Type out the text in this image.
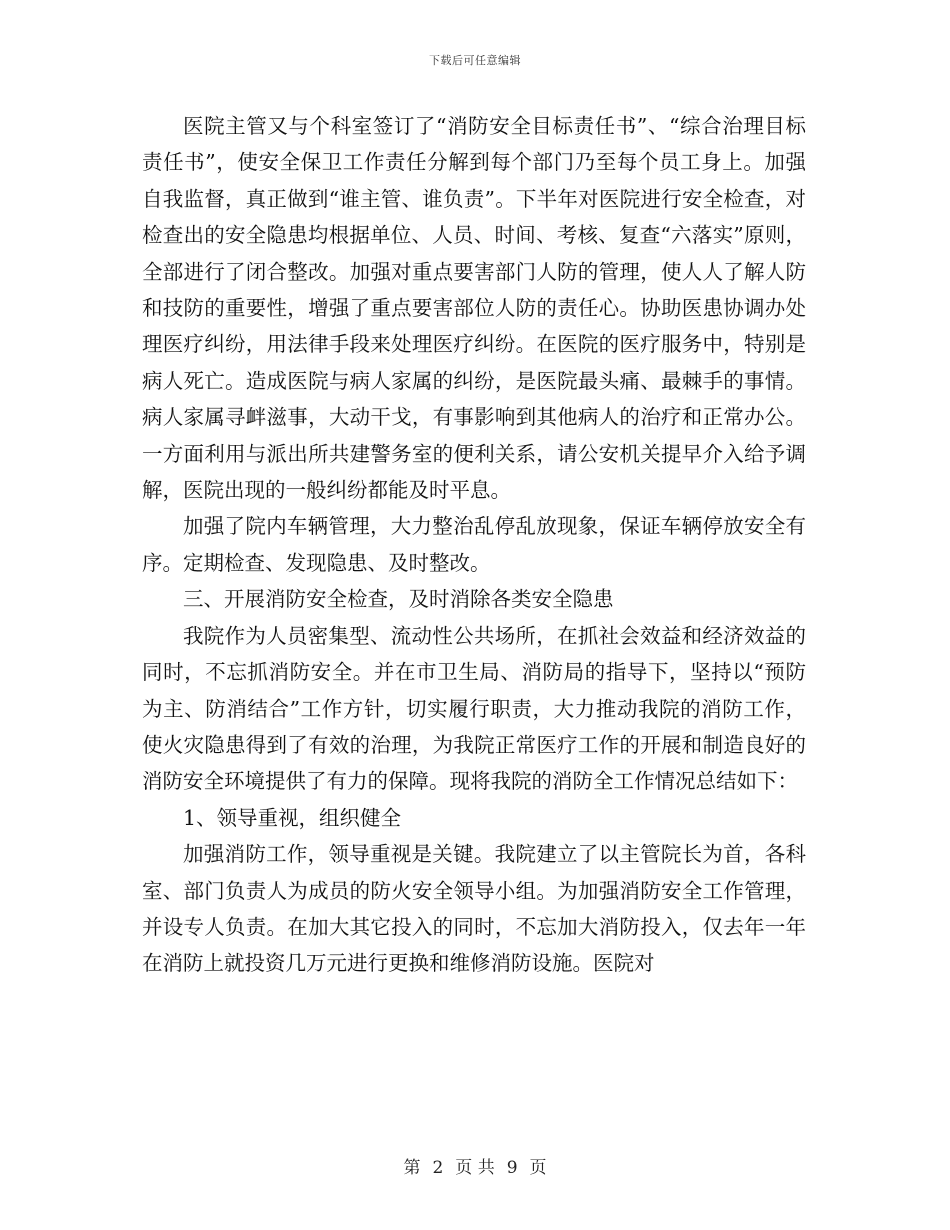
下载后可任意编辑

医院主管又与个科室签订了“消防安全目标责任书”、“综合治理目标责任书”，使安全保卫工作责任分解到每个部门乃至每个员工身上。加强自我监督，真正做到“谁主管、谁负责”。下半年对医院进行安全检查，对检查出的安全隐患均根据单位、人员、时间、考核、复查“六落实”原则，全部进行了闭合整改。加强对重点要害部门人防的管理，使人人了解人防和技防的重要性，增强了重点要害部位人防的责任心。协助医患协调办处理医疗纠纷，用法律手段来处理医疗纠纷。在医院的医疗服务中，特别是病人死亡。造成医院与病人家属的纠纷，是医院最头痛、最棘手的事情。病人家属寻衅滋事，大动干戈，有事影响到其他病人的治疗和正常办公。一方面利用与派出所共建警务室的便利关系，请公安机关提早介入给予调解，医院出现的一般纠纷都能及时平息。

加强了院内车辆管理，大力整治乱停乱放现象，保证车辆停放安全有序。定期检查、发现隐患、及时整改。

三、开展消防安全检查，及时消除各类安全隐患

我院作为人员密集型、流动性公共场所，在抓社会效益和经济效益的同时，不忘抓消防安全。并在市卫生局、消防局的指导下，坚持以“预防为主、防消结合”工作方针，切实履行职责，大力推动我院的消防工作，使火灾隐患得到了有效的治理，为我院正常医疗工作的开展和制造良好的消防安全环境提供了有力的保障。现将我院的消防全工作情况总结如下：

1、领导重视，组织健全

加强消防工作，领导重视是关键。我院建立了以主管院长为首，各科室、部门负责人为成员的防火安全领导小组。为加强消防安全工作管理，并设专人负责。在加大其它投入的同时，不忘加大消防投入，仅去年一年在消防上就投资几万元进行更换和维修消防设施。医院对

第 2 页 共 9 页
